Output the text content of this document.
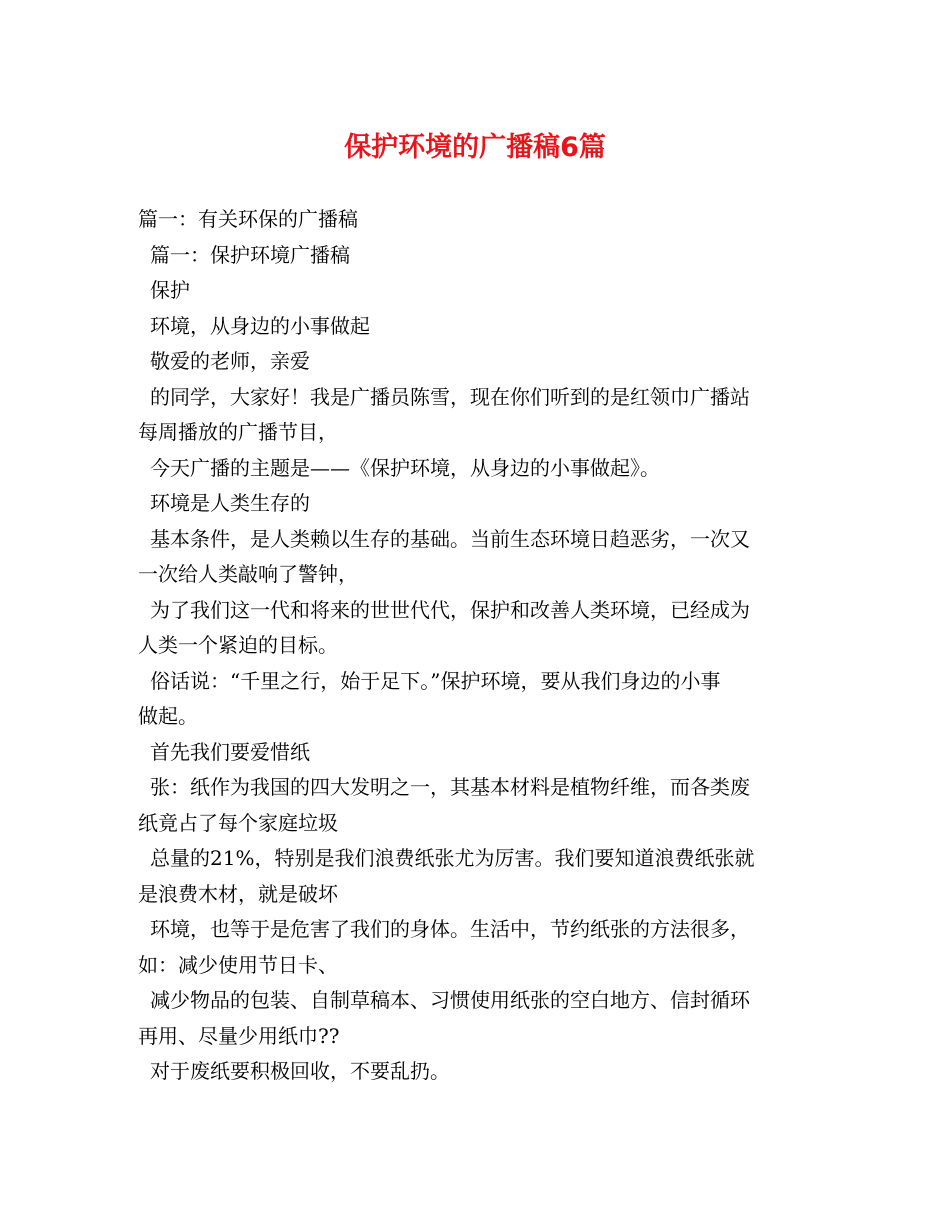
保护环境的广播稿6篇
篇一：有关环保的广播稿
篇一：保护环境广播稿
保护
环境，从身边的小事做起
敬爱的老师，亲爱
的同学，大家好！我是广播员陈雪，现在你们听到的是红领巾广播站
每周播放的广播节目，
今天广播的主题是——《保护环境，从身边的小事做起》。
环境是人类生存的
基本条件，是人类赖以生存的基础。当前生态环境日趋恶劣，一次又
一次给人类敲响了警钟，
为了我们这一代和将来的世世代代，保护和改善人类环境，已经成为
人类一个紧迫的目标。
俗话说：“千里之行，始于足下。”保护环境，要从我们身边的小事
做起。
首先我们要爱惜纸
张：纸作为我国的四大发明之一，其基本材料是植物纤维，而各类废
纸竟占了每个家庭垃圾
总量的21%，特别是我们浪费纸张尤为厉害。我们要知道浪费纸张就
是浪费木材，就是破坏
环境，也等于是危害了我们的身体。生活中，节约纸张的方法很多，
如：减少使用节日卡、
减少物品的包装、自制草稿本、习惯使用纸张的空白地方、信封循环
再用、尽量少用纸巾??
对于废纸要积极回收，不要乱扔。
